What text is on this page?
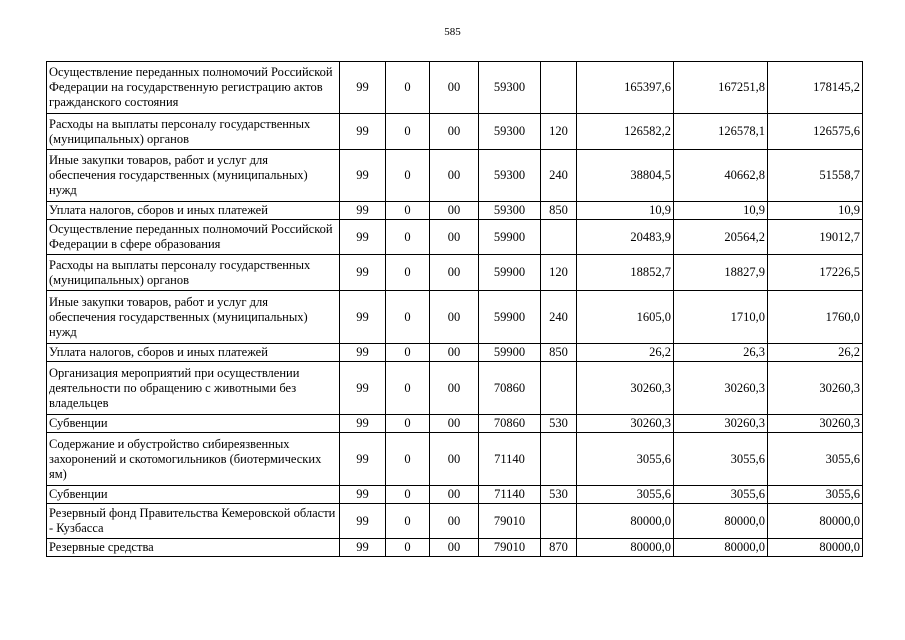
585
Осуществление переданных полномочий Российской Федерации на государственную регистрацию актов гражданского состояния	99	0	00	59300		165397,6	167251,8	178145,2
Расходы на выплаты персоналу государственных (муниципальных) органов	99	0	00	59300	120	126582,2	126578,1	126575,6
Иные закупки товаров, работ и услуг для обеспечения государственных (муниципальных) нужд	99	0	00	59300	240	38804,5	40662,8	51558,7
Уплата налогов, сборов и иных платежей	99	0	00	59300	850	10,9	10,9	10,9
Осуществление переданных полномочий Российской Федерации в сфере образования	99	0	00	59900		20483,9	20564,2	19012,7
Расходы на выплаты персоналу государственных (муниципальных) органов	99	0	00	59900	120	18852,7	18827,9	17226,5
Иные закупки товаров, работ и услуг для обеспечения государственных (муниципальных) нужд	99	0	00	59900	240	1605,0	1710,0	1760,0
Уплата налогов, сборов и иных платежей	99	0	00	59900	850	26,2	26,3	26,2
Организация мероприятий при осуществлении деятельности по обращению с животными без владельцев	99	0	00	70860		30260,3	30260,3	30260,3
Субвенции	99	0	00	70860	530	30260,3	30260,3	30260,3
Содержание и обустройство сибиреязвенных захоронений и скотомогильников (биотермических ям)	99	0	00	71140		3055,6	3055,6	3055,6
Субвенции	99	0	00	71140	530	3055,6	3055,6	3055,6
Резервный фонд Правительства Кемеровской области - Кузбасса	99	0	00	79010		80000,0	80000,0	80000,0
Резервные средства	99	0	00	79010	870	80000,0	80000,0	80000,0
